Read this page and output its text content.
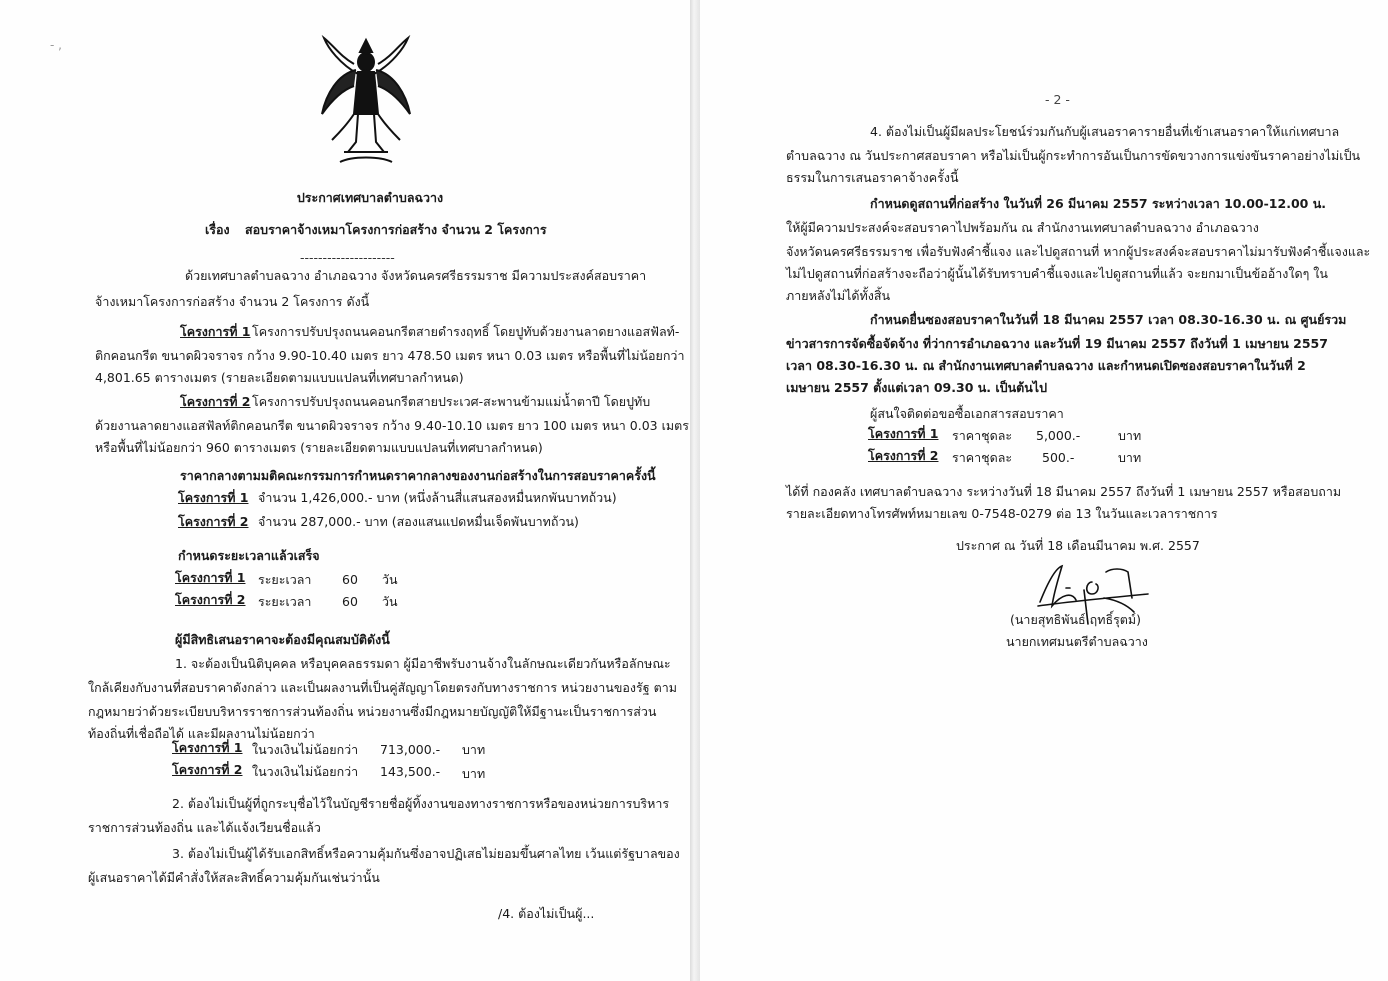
- ,
ประกาศเทศบาลตำบลฉวาง
เรื่อง สอบราคาจ้างเหมาโครงการก่อสร้าง จำนวน 2 โครงการ
---------------------
ด้วยเทศบาลตำบลฉวาง อำเภอฉวาง จังหวัดนครศรีธรรมราช มีความประสงค์สอบราคา
จ้างเหมาโครงการก่อสร้าง จำนวน 2 โครงการ ดังนี้
โครงการที่ 1 โครงการปรับปรุงถนนคอนกรีตสายดำรงฤทธิ์ โดยปูทับด้วยงานลาดยางแอสฟัลท์-
ติกคอนกรีต ขนาดผิวจราจร กว้าง 9.90-10.40 เมตร ยาว 478.50 เมตร หนา 0.03 เมตร หรือพื้นที่ไม่น้อยกว่า
4,801.65 ตารางเมตร (รายละเอียดตามแบบแปลนที่เทศบาลกำหนด)
โครงการที่ 2 โครงการปรับปรุงถนนคอนกรีตสายประเวศ-สะพานข้ามแม่น้ำตาปี โดยปูทับ
ด้วยงานลาดยางแอสฟัลท์ติกคอนกรีต ขนาดผิวจราจร กว้าง 9.40-10.10 เมตร ยาว 100 เมตร หนา 0.03 เมตร
หรือพื้นที่ไม่น้อยกว่า 960 ตารางเมตร (รายละเอียดตามแบบแปลนที่เทศบาลกำหนด)
ราคากลางตามมติคณะกรรมการกำหนดราคากลางของงานก่อสร้างในการสอบราคาครั้งนี้
โครงการที่ 1 จำนวน 1,426,000.- บาท (หนึ่งล้านสี่แสนสองหมื่นหกพันบาทถ้วน)
โครงการที่ 2 จำนวน 287,000.- บาท (สองแสนแปดหมื่นเจ็ดพันบาทถ้วน)
กำหนดระยะเวลาแล้วเสร็จ
โครงการที่ 1 ระยะเวลา 60 วัน
โครงการที่ 2 ระยะเวลา 60 วัน
ผู้มีสิทธิเสนอราคาจะต้องมีคุณสมบัติดังนี้
1. จะต้องเป็นนิติบุคคล หรือบุคคลธรรมดา ผู้มีอาชีพรับงานจ้างในลักษณะเดียวกันหรือลักษณะ
ใกล้เคียงกับงานที่สอบราคาดังกล่าว และเป็นผลงานที่เป็นคู่สัญญาโดยตรงกับทางราชการ หน่วยงานของรัฐ ตาม
กฎหมายว่าด้วยระเบียบบริหารราชการส่วนท้องถิ่น หน่วยงานซึ่งมีกฎหมายบัญญัติให้มีฐานะเป็นราชการส่วน
ท้องถิ่นที่เชื่อถือได้ และมีผลงานไม่น้อยกว่า
โครงการที่ 1 ในวงเงินไม่น้อยกว่า 713,000.- บาท
โครงการที่ 2 ในวงเงินไม่น้อยกว่า 143,500.- บาท
2. ต้องไม่เป็นผู้ที่ถูกระบุชื่อไว้ในบัญชีรายชื่อผู้ทิ้งงานของทางราชการหรือของหน่วยการบริหาร
ราชการส่วนท้องถิ่น และได้แจ้งเวียนชื่อแล้ว
3. ต้องไม่เป็นผู้ได้รับเอกสิทธิ์หรือความคุ้มกันซึ่งอาจปฏิเสธไม่ยอมขึ้นศาลไทย เว้นแต่รัฐบาลของ
ผู้เสนอราคาได้มีคำสั่งให้สละสิทธิ์ความคุ้มกันเช่นว่านั้น
/4. ต้องไม่เป็นผู้...
- 2 -
4. ต้องไม่เป็นผู้มีผลประโยชน์ร่วมกันกับผู้เสนอราคารายอื่นที่เข้าเสนอราคาให้แก่เทศบาล
ตำบลฉวาง ณ วันประกาศสอบราคา หรือไม่เป็นผู้กระทำการอันเป็นการขัดขวางการแข่งขันราคาอย่างไม่เป็น
ธรรมในการเสนอราคาจ้างครั้งนี้
กำหนดดูสถานที่ก่อสร้าง ในวันที่ 26 มีนาคม 2557 ระหว่างเวลา 10.00-12.00 น.
ให้ผู้มีความประสงค์จะสอบราคาไปพร้อมกัน ณ สำนักงานเทศบาลตำบลฉวาง อำเภอฉวาง
จังหวัดนครศรีธรรมราช เพื่อรับฟังคำชี้แจง และไปดูสถานที่ หากผู้ประสงค์จะสอบราคาไม่มารับฟังคำชี้แจงและ
ไม่ไปดูสถานที่ก่อสร้างจะถือว่าผู้นั้นได้รับทราบคำชี้แจงและไปดูสถานที่แล้ว จะยกมาเป็นข้ออ้างใดๆ ใน
ภายหลังไม่ได้ทั้งสิ้น
กำหนดยื่นซองสอบราคาในวันที่ 18 มีนาคม 2557 เวลา 08.30-16.30 น. ณ ศูนย์รวม
ข่าวสารการจัดซื้อจัดจ้าง ที่ว่าการอำเภอฉวาง และวันที่ 19 มีนาคม 2557 ถึงวันที่ 1 เมษายน 2557
เวลา 08.30-16.30 น. ณ สำนักงานเทศบาลตำบลฉวาง และกำหนดเปิดซองสอบราคาในวันที่ 2
เมษายน 2557 ตั้งแต่เวลา 09.30 น. เป็นต้นไป
ผู้สนใจติดต่อขอซื้อเอกสารสอบราคา
โครงการที่ 1 ราคาชุดละ 5,000.-	บาท
โครงการที่ 2 ราคาชุดละ 500.-	บาท
ได้ที่ กองคลัง เทศบาลตำบลฉวาง ระหว่างวันที่ 18 มีนาคม 2557 ถึงวันที่ 1 เมษายน 2557 หรือสอบถาม
รายละเอียดทางโทรศัพท์หมายเลข 0-7548-0279 ต่อ 13 ในวันและเวลาราชการ
ประกาศ ณ วันที่ 18 เดือนมีนาคม พ.ศ. 2557
(นายสุทธิพันธ์ ฤทธิ์รุตม์)
นายกเทศมนตรีตำบลฉวาง
